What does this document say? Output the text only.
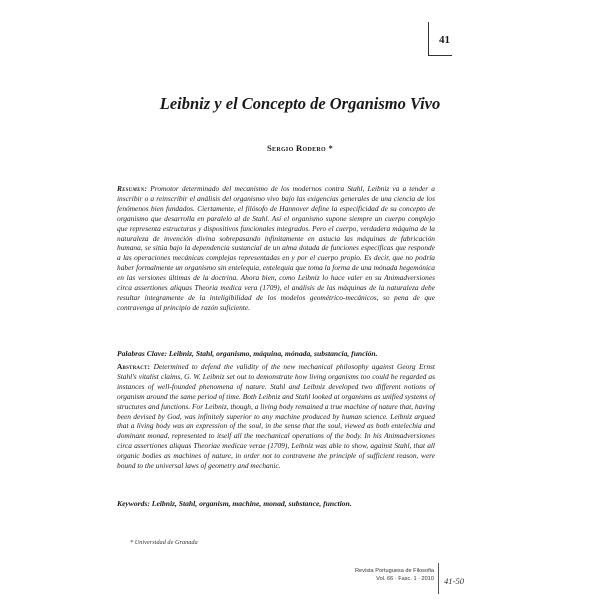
41
Leibniz y el Concepto de Organismo Vivo
Sergio Rodero *

Resumen: Promotor determinado del mecanismo de los modernos contra Stahl, Leibniz va a tender a inscribir o a reinscribir el análisis del organismo vivo bajo las exigencias generales de una ciencia de los fenómenos bien fundados. Ciertamente, el filósofo de Hannover define la especificidad de su concepto de organismo que desarrolla en paralelo al de Stahl. Así el organismo supone siempre un cuerpo complejo que representa estructuras y dispositivos funcionales integrados. Pero el cuerpo, verdadera máquina de la naturaleza de invención divina sobrepasando infinitamente en astucia las máquinas de fabricación humana, se sitúa bajo la dependencia sustancial de un alma dotada de funciones específicas que responde a las operaciones mecánicas complejas representadas en y por el cuerpo propio. Es decir, que no podría haber formalmente un organismo sin entelequia, entelequia que toma la forma de una mónada hegemónica en las versiones últimas de la doctrina. Ahora bien, como Leibniz lo hace valer en su Animadversiones circa assertiones aliquas Theoria medica vera (1709), el análisis de las máquinas de la naturaleza debe resultar íntegramente de la inteligibilidad de los modelos geométrico-mecánicos, so pena de que contravenga al principio de razón suficiente.

Palabras Clave: Leibniz, Stahl, organismo, máquina, mónada, substancia, función.

Abstract: Determined to defend the validity of the new mechanical philosophy against Georg Ernst Stahl's vitalist claims, G. W. Leibniz set out to demonstrate how living organisms too could be regarded as instances of well-founded phenomena of nature. Stahl and Leibniz developed two different notions of organism around the same period of time. Both Leibniz and Stahl looked at organisms as unified systems of structures and functions. For Leibniz, though, a living body remained a true machine of nature that, having been devised by God, was infinitely superior to any machine produced by human science. Leibniz argued that a living body was an expression of the soul, in the sense that the soul, viewed as both entelechia and dominant monad, represented to itself all the mechanical operations of the body. In his Animadversiones circa assertiones aliquas Theoriae medicae verae (1709), Leibniz was able to show, against Stahl, that all organic bodies as machines of nature, in order not to contravene the principle of sufficient reason, were bound to the universal laws of geometry and mechanic.

Keywords: Leibniz, Stahl, organism, machine, monad, substance, function.

* Universidad de Granada
Revista Portuguesa de Filosofia
Vol. 66 · Fasc. 1 · 2010 41-50
